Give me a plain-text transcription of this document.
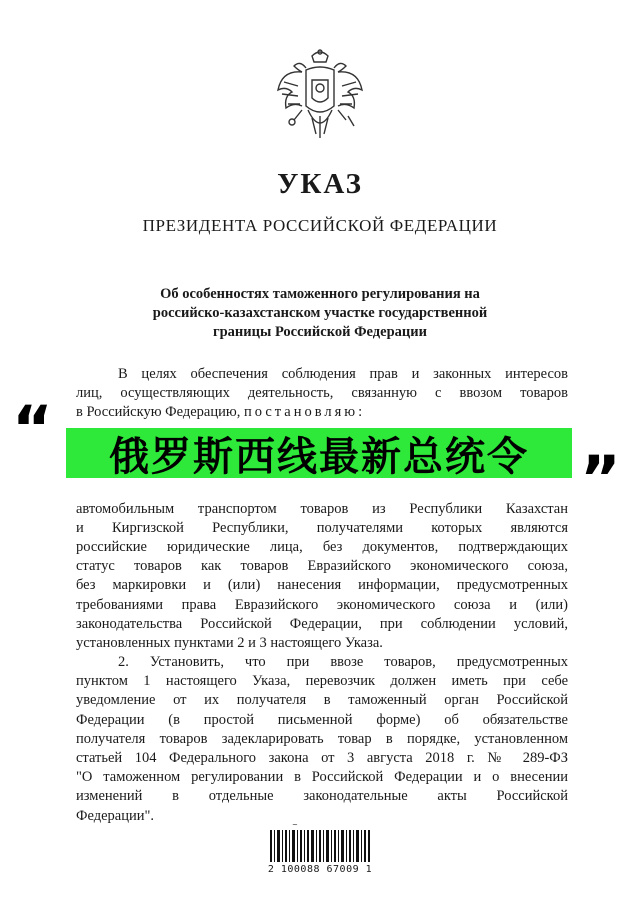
УКАЗ
ПРЕЗИДЕНТА РОССИЙСКОЙ ФЕДЕРАЦИИ
Об особенностях таможенного регулирования на
российско-казахстанском участке государственной
границы Российской Федерации
В целях обеспечения соблюдения прав и законных интересов
лиц, осуществляющих деятельность, связанную с ввозом товаров
в Российскую Федерацию, постановляю:
автомобильным транспортом товаров из Республики Казахстан
и Киргизской Республики, получателями которых являются
российские юридические лица, без документов, подтверждающих
статус товаров как товаров Евразийского экономического союза,
без маркировки и (или) нанесения информации, предусмотренных
требованиями права Евразийского экономического союза и (или)
законодательства Российской Федерации, при соблюдении условий,
установленных пунктами 2 и 3 настоящего Указа.
2. Установить, что при ввозе товаров, предусмотренных
пунктом 1 настоящего Указа, перевозчик должен иметь при себе
уведомление от их получателя в таможенный орган Российской
Федерации (в простой письменной форме) об обязательстве
получателя товаров задекларировать товар в порядке, установленном
статьей 104 Федерального закона от 3 августа 2018 г. № 289-ФЗ
"О таможенном регулировании в Российской Федерации и о внесении
изменений в отдельные законодательные акты Российской
Федерации".
俄罗斯西线最新总统令
“
”
~
2 100088 67009 1
